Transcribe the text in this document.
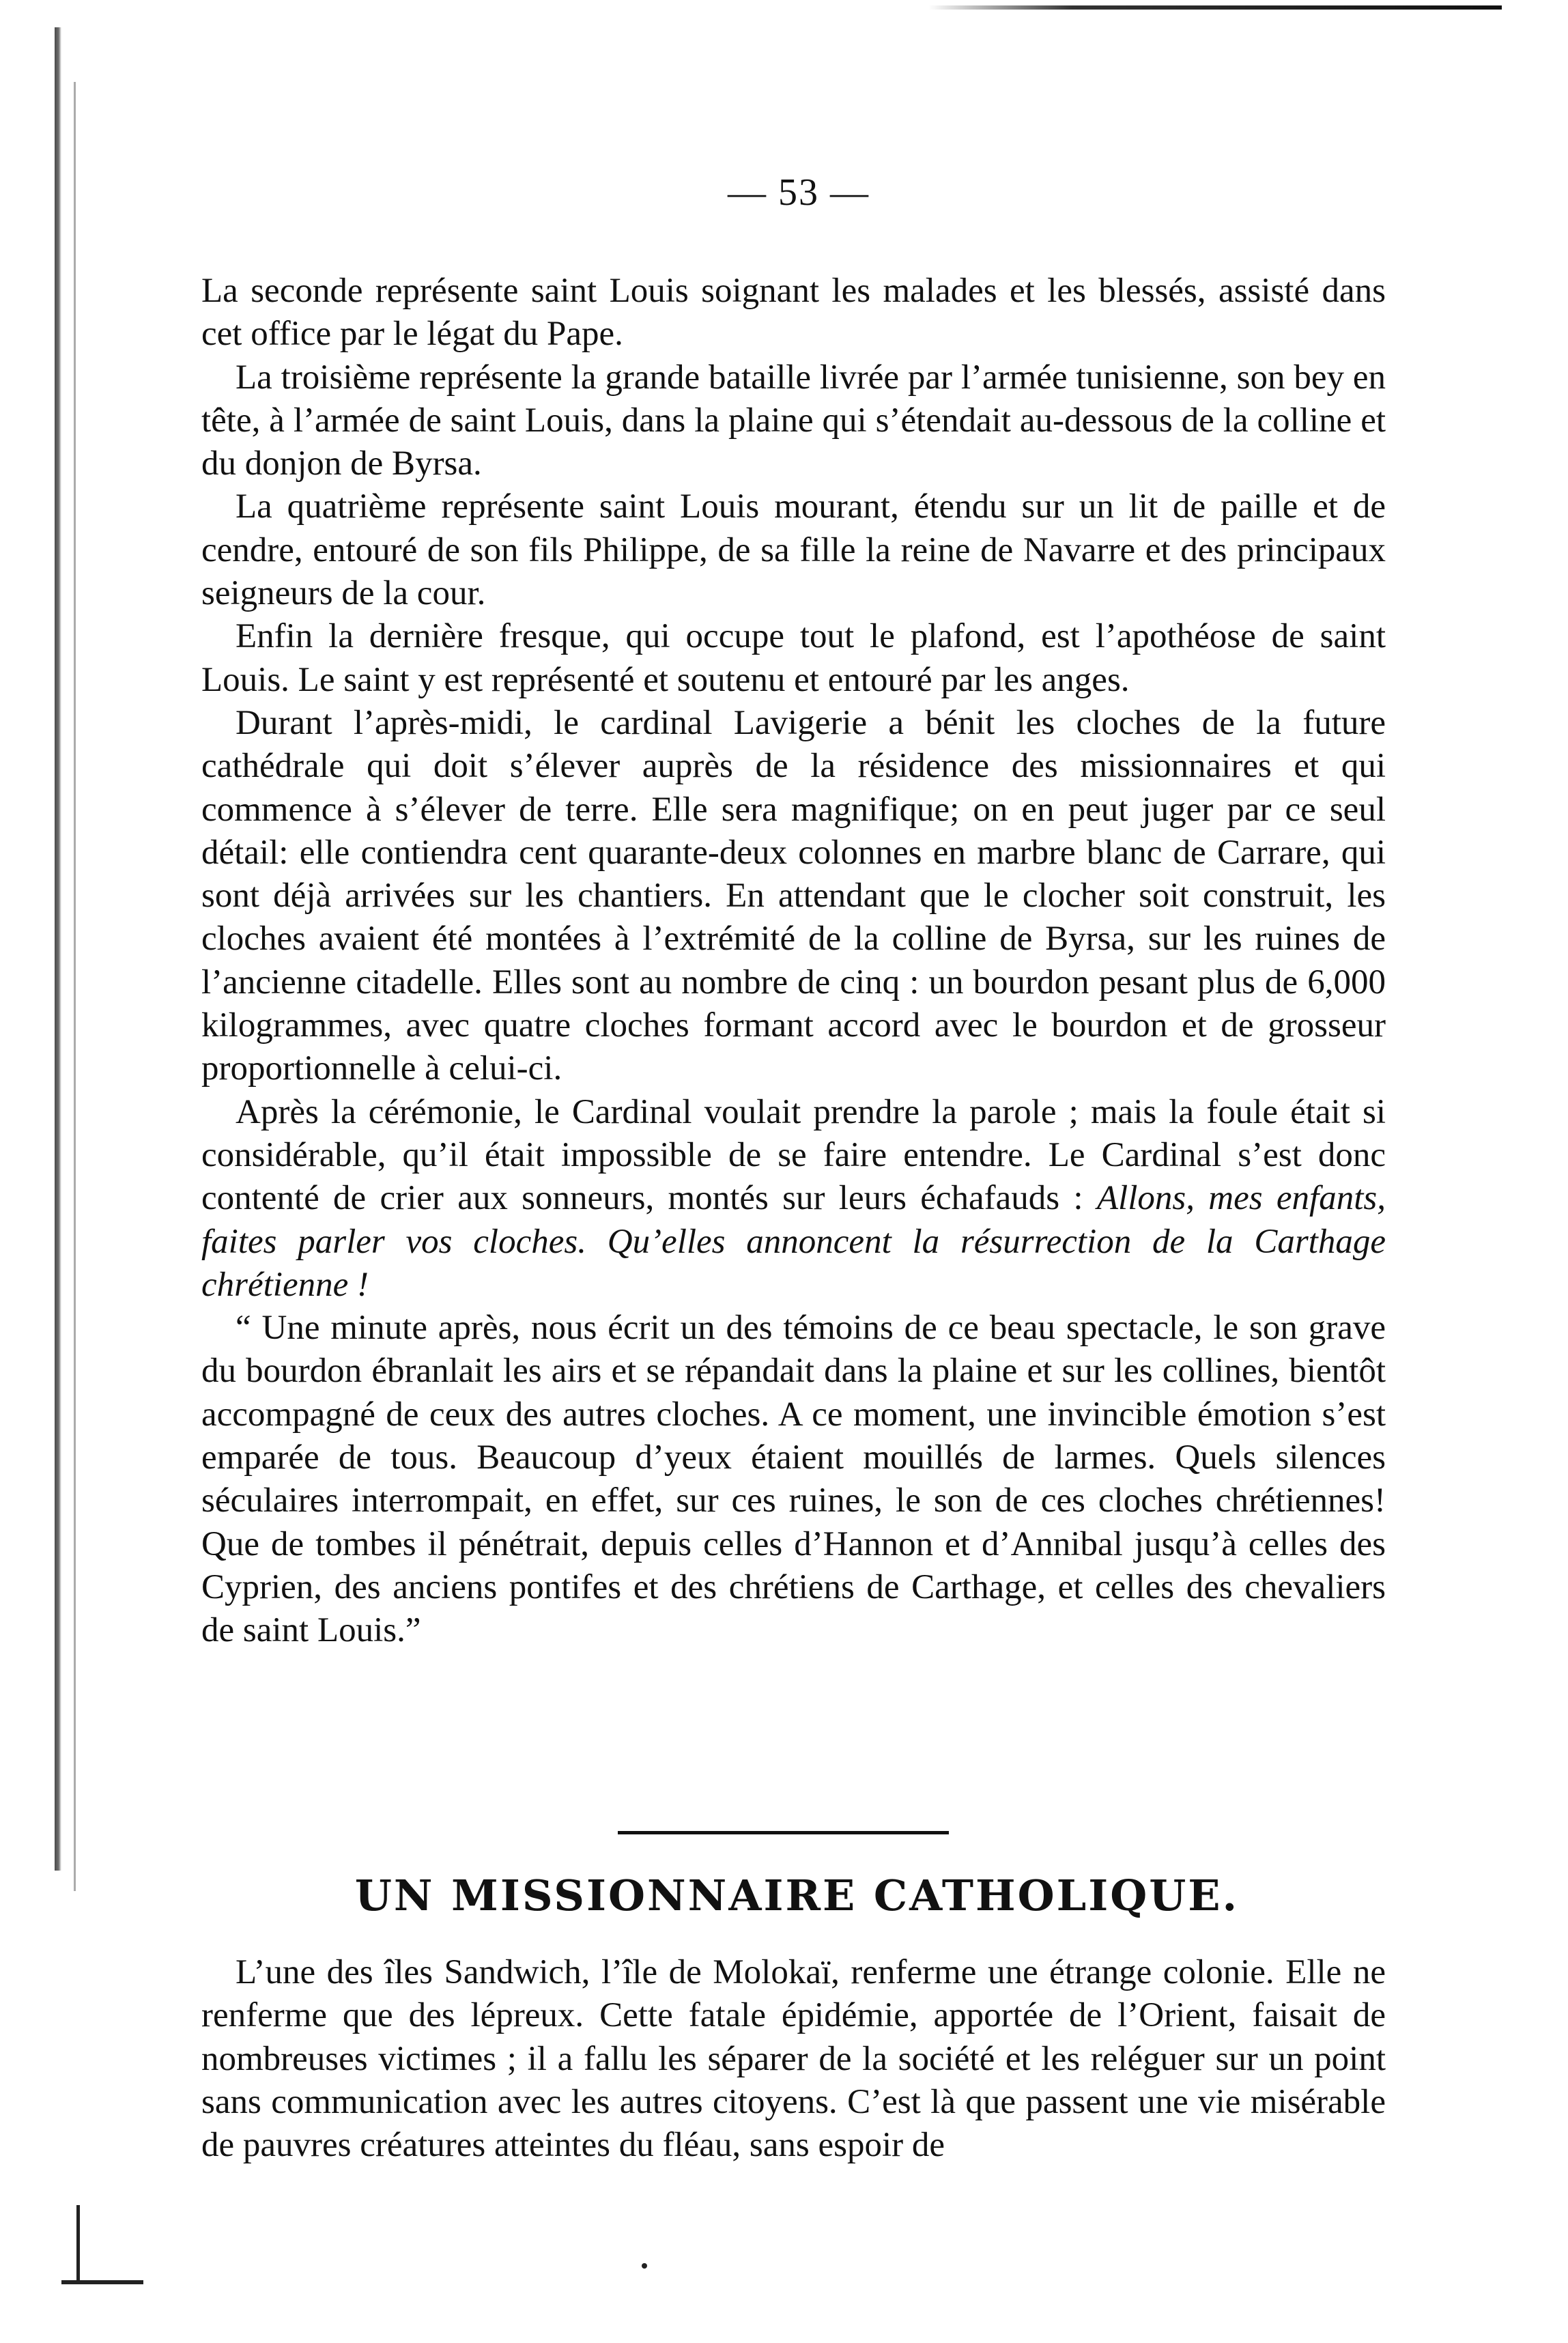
— 53 —

La seconde représente saint Louis soignant les malades et les blessés, assisté dans cet office par le légat du Pape.

La troisième représente la grande bataille livrée par l’armée tunisienne, son bey en tête, à l’armée de saint Louis, dans la plaine qui s’étendait au-dessous de la colline et du donjon de Byrsa.

La quatrième représente saint Louis mourant, étendu sur un lit de paille et de cendre, entouré de son fils Philippe, de sa fille la reine de Navarre et des principaux seigneurs de la cour.

Enfin la dernière fresque, qui occupe tout le plafond, est l’apothéose de saint Louis. Le saint y est représenté et soutenu et entouré par les anges.

Durant l’après-midi, le cardinal Lavigerie a bénit les cloches de la future cathédrale qui doit s’élever auprès de la résidence des missionnaires et qui commence à s’élever de terre. Elle sera magnifique; on en peut juger par ce seul détail: elle contiendra cent quarante-deux colonnes en marbre blanc de Carrare, qui sont déjà arrivées sur les chantiers. En attendant que le clocher soit construit, les cloches avaient été montées à l’extrémité de la colline de Byrsa, sur les ruines de l’ancienne citadelle. Elles sont au nombre de cinq : un bourdon pesant plus de 6,000 kilogrammes, avec quatre cloches formant accord avec le bourdon et de grosseur proportionnelle à celui-ci.

Après la cérémonie, le Cardinal voulait prendre la parole ; mais la foule était si considérable, qu’il était impossible de se faire entendre. Le Cardinal s’est donc contenté de crier aux sonneurs, montés sur leurs échafauds : Allons, mes enfants, faites parler vos cloches. Qu’elles annoncent la résurrection de la Carthage chrétienne !

“ Une minute après, nous écrit un des témoins de ce beau spectacle, le son grave du bourdon ébranlait les airs et se répandait dans la plaine et sur les collines, bientôt accompagné de ceux des autres cloches. A ce moment, une invincible émotion s’est emparée de tous. Beaucoup d’yeux étaient mouillés de larmes. Quels silences séculaires interrompait, en effet, sur ces ruines, le son de ces cloches chrétiennes! Que de tombes il pénétrait, depuis celles d’Hannon et d’Annibal jusqu’à celles des Cyprien, des anciens pontifes et des chrétiens de Carthage, et celles des chevaliers de saint Louis.”

UN MISSIONNAIRE CATHOLIQUE.

L’une des îles Sandwich, l’île de Molokaï, renferme une étrange colonie. Elle ne renferme que des lépreux. Cette fatale épidémie, apportée de l’Orient, faisait de nombreuses victimes ; il a fallu les séparer de la société et les reléguer sur un point sans communication avec les autres citoyens. C’est là que passent une vie misérable de pauvres créatures atteintes du fléau, sans espoir de
